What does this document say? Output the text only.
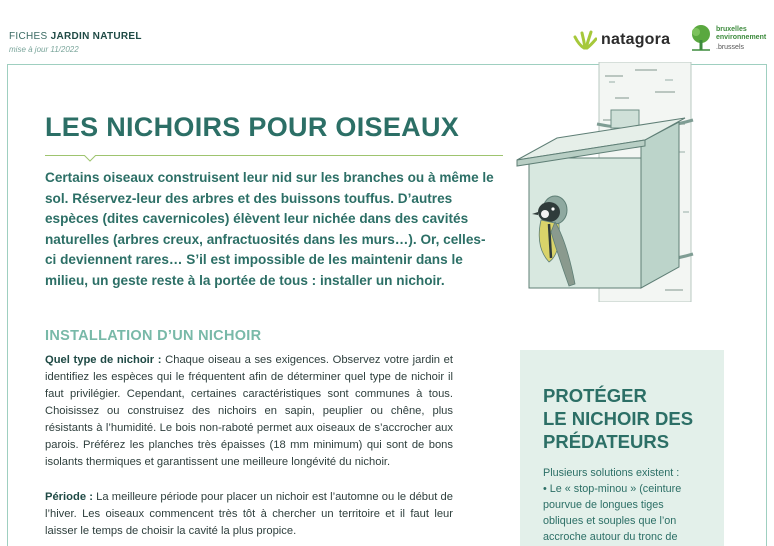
FICHES JARDIN NATUREL
mise à jour 11/2022
natagora
bruxelles
environnement
.brussels
LES NICHOIRS POUR OISEAUX

Certains oiseaux construisent leur nid sur les branches ou à même le sol. Réservez-leur des arbres et des buissons touffus. D’autres espèces (dites cavernicoles) élèvent leur nichée dans des cavités naturelles (arbres creux, anfractuosités dans les murs…). Or, celles-ci deviennent rares… S’il est impossible de les maintenir dans le milieu, un geste reste à la portée de tous : installer un nichoir.

INSTALLATION D’UN NICHOIR

Quel type de nichoir : Chaque oiseau a ses exigences. Observez votre jardin et identifiez les espèces qui le fréquentent afin de déterminer quel type de nichoir il faut privilégier. Cependant, certaines caractéristiques sont communes à tous. Choisissez ou construisez des nichoirs en sapin, peuplier ou chêne, plus résistants à l’humidité. Le bois non-raboté permet aux oiseaux de s’accrocher aux parois. Préférez les planches très épaisses (18 mm minimum) qui sont de bons isolants thermiques et garantissent une meilleure longévité du nichoir.

Période : La meilleure période pour placer un nichoir est l’automne ou le début de l’hiver. Les oiseaux commencent très tôt à chercher un territoire et il faut leur laisser le temps de choisir la cavité la plus propice.

PROTÉGER
LE NICHOIR DES
PRÉDATEURS
Plusieurs solutions existent :
• Le « stop-minou » (ceinture
pourvue de longues tiges
obliques et souples que l’on
accroche autour du tronc de
